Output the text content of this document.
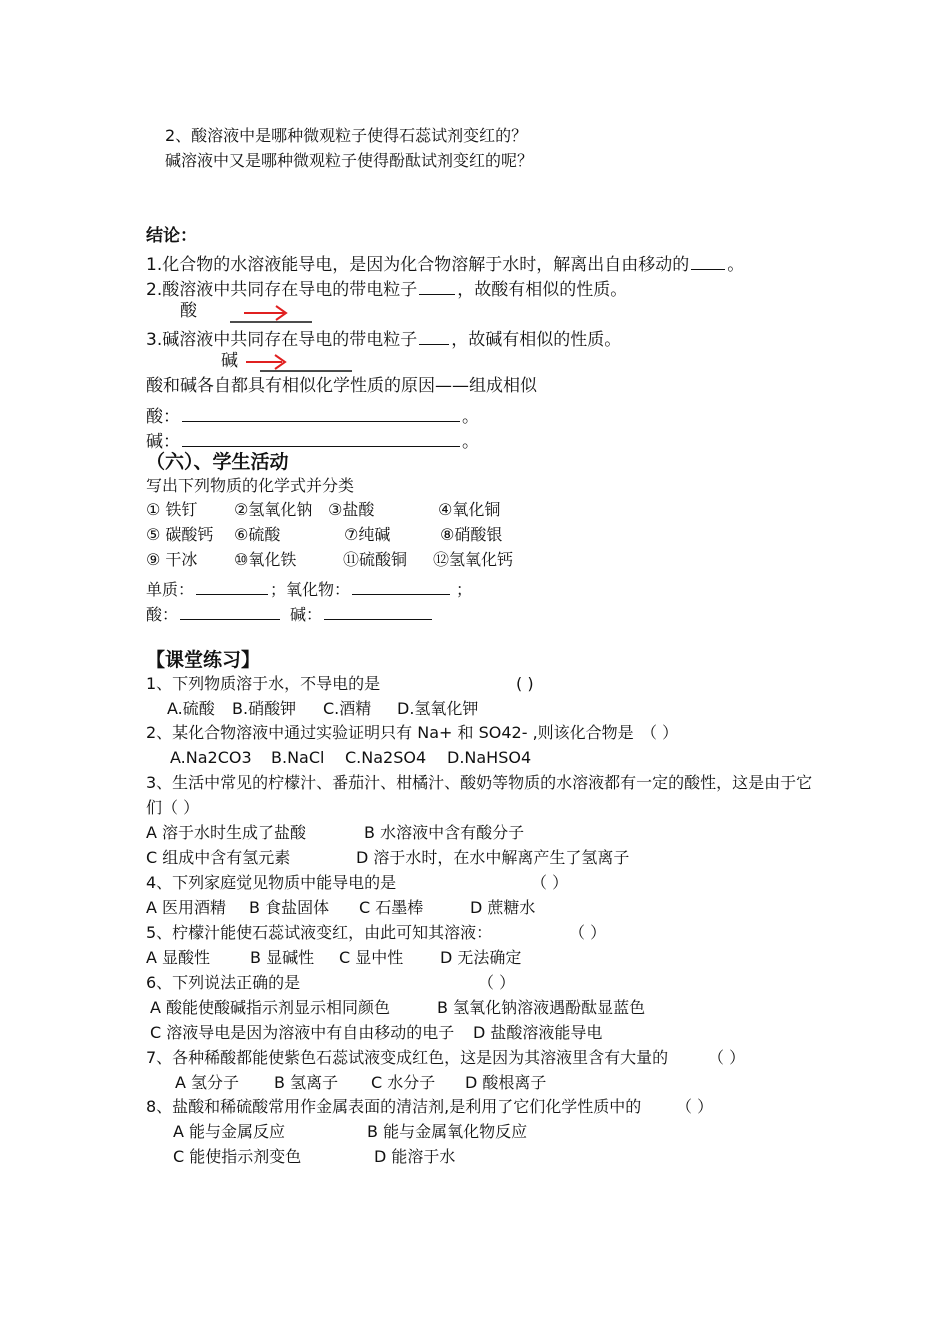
2、酸溶液中是哪种微观粒子使得石蕊试剂变红的？
碱溶液中又是哪种微观粒子使得酚酞试剂变红的呢？
结论：
1.化合物的水溶液能导电，是因为化合物溶解于水时，解离出自由移动的 。
2.酸溶液中共同存在导电的带电粒子 ，故酸有相似的性质。
酸
3.碱溶液中共同存在导电的带电粒子 ，故碱有相似的性质。
碱
酸和碱各自都具有相似化学性质的原因——组成相似
酸：	。
碱：	。
（六）、学生活动
写出下列物质的化学式并分类
① 铁钉 ②氢氧化钠 ③盐酸	④氧化铜
⑤ 碳酸钙 ⑥硫酸	⑦纯碱	⑧硝酸银
⑨ 干冰 ⑩氧化铁	⑪硫酸铜 ⑫氢氧化钙
单质：	；氧化物：	；
酸：	碱：
【课堂练习】
1、下列物质溶于水，不导电的是	( )
A.硫酸 B.硝酸钾 C.酒精 D.氢氧化钾
2、某化合物溶液中通过实验证明只有 Na+ 和 SO42- ,则该化合物是 （ ）
A.Na2CO3 B.NaCl C.Na2SO4 D.NaHSO4
3、生活中常见的柠檬汁、番茄汁、柑橘汁、酸奶等物质的水溶液都有一定的酸性，这是由于它
们（ ）
A 溶于水时生成了盐酸	B 水溶液中含有酸分子
C 组成中含有氢元素	D 溶于水时，在水中解离产生了氢离子
4、下列家庭觉见物质中能导电的是	（ ）
A 医用酒精 B 食盐固体 C 石墨棒	D 蔗糖水
5、柠檬汁能使石蕊试液变红，由此可知其溶液：	（ ）
A 显酸性 B 显碱性 C 显中性 D 无法确定
6、下列说法正确的是	（ ）
A 酸能使酸碱指示剂显示相同颜色	B 氢氧化钠溶液遇酚酞显蓝色
C 溶液导电是因为溶液中有自由移动的电子 D 盐酸溶液能导电
7、各种稀酸都能使紫色石蕊试液变成红色，这是因为其溶液里含有大量的 （ ）
A 氢分子 B 氢离子 C 水分子 D 酸根离子
8、盐酸和稀硫酸常用作金属表面的清洁剂,是利用了它们化学性质中的 （ ）
A 能与金属反应	B 能与金属氧化物反应
C 能使指示剂变色	D 能溶于水
